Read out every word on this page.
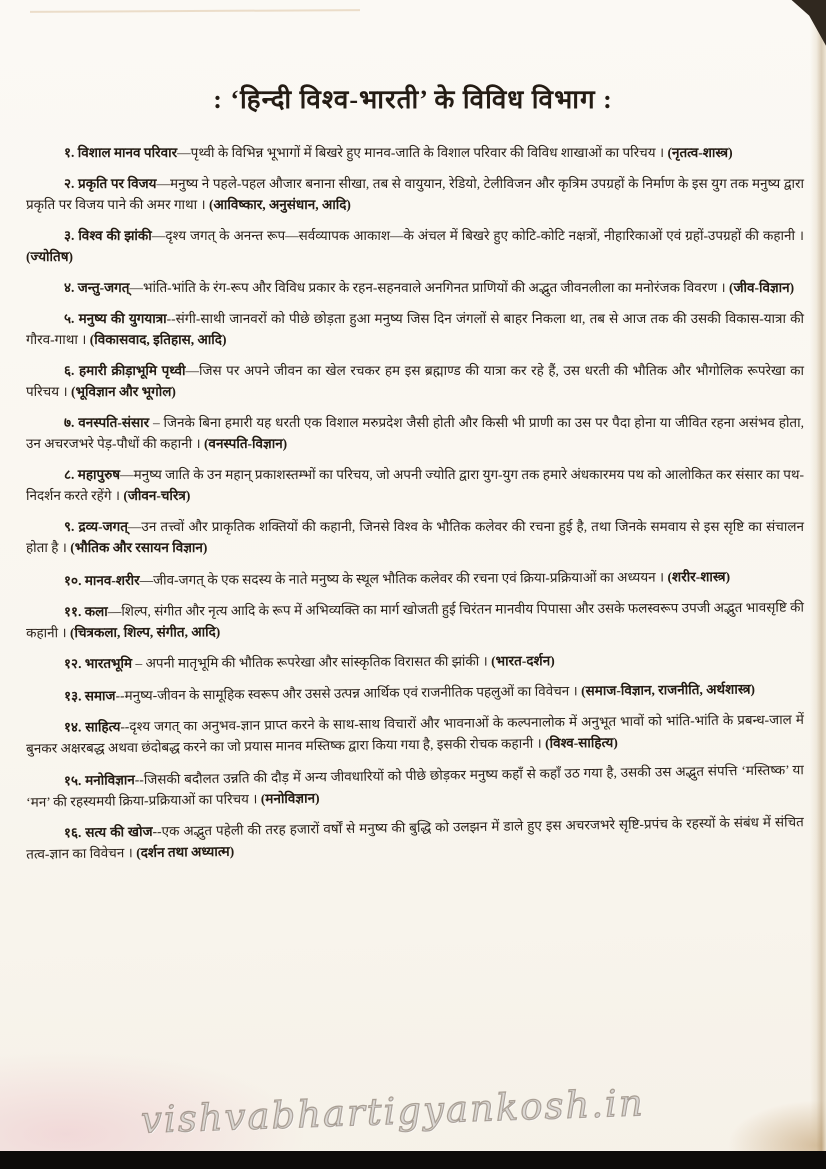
: ‘हिन्दी विश्व-भारती’ के विविध विभाग :

१. विशाल मानव परिवार—पृथ्वी के विभिन्न भूभागों में बिखरे हुए मानव-जाति के विशाल परिवार की विविध शाखाओं का परिचय । (नृतत्व-शास्त्र)

२. प्रकृति पर विजय—मनुष्य ने पहले-पहल औजार बनाना सीखा, तब से वायुयान, रेडियो, टेलीविजन और कृत्रिम उपग्रहों के निर्माण के इस युग तक मनुष्य द्वारा प्रकृति पर विजय पाने की अमर गाथा । (आविष्कार, अनुसंधान, आदि)

३. विश्व की झांकी—दृश्य जगत् के अनन्त रूप—सर्वव्यापक आकाश—के अंचल में बिखरे हुए कोटि-कोटि नक्षत्रों, नीहारिकाओं एवं ग्रहों-उपग्रहों की कहानी । (ज्योतिष)

४. जन्तु-जगत्—भांति-भांति के रंग-रूप और विविध प्रकार के रहन-सहनवाले अनगिनत प्राणियों की अद्भुत जीवनलीला का मनोरंजक विवरण । (जीव-विज्ञान)

५. मनुष्य की युगयात्रा--संगी-साथी जानवरों को पीछे छोड़ता हुआ मनुष्य जिस दिन जंगलों से बाहर निकला था, तब से आज तक की उसकी विकास-यात्रा की गौरव-गाथा । (विकासवाद, इतिहास, आदि)

६. हमारी क्रीड़ाभूमि पृथ्वी—जिस पर अपने जीवन का खेल रचकर हम इस ब्रह्माण्ड की यात्रा कर रहे हैं, उस धरती की भौतिक और भौगोलिक रूपरेखा का परिचय । (भूविज्ञान और भूगोल)

७. वनस्पति-संसार – जिनके बिना हमारी यह धरती एक विशाल मरुप्रदेश जैसी होती और किसी भी प्राणी का उस पर पैदा होना या जीवित रहना असंभव होता, उन अचरजभरे पेड़-पौधों की कहानी । (वनस्पति-विज्ञान)

८. महापुरुष—मनुष्य जाति के उन महान् प्रकाशस्तम्भों का परिचय, जो अपनी ज्योति द्वारा युग-युग तक हमारे अंधकारमय पथ को आलोकित कर संसार का पथ-निदर्शन करते रहेंगे । (जीवन-चरित्र)

९. द्रव्य-जगत्—उन तत्त्वों और प्राकृतिक शक्तियों की कहानी, जिनसे विश्व के भौतिक कलेवर की रचना हुई है, तथा जिनके समवाय से इस सृष्टि का संचालन होता है । (भौतिक और रसायन विज्ञान)

१०. मानव-शरीर—जीव-जगत् के एक सदस्य के नाते मनुष्य के स्थूल भौतिक कलेवर की रचना एवं क्रिया-प्रक्रियाओं का अध्ययन । (शरीर-शास्त्र)

११. कला—शिल्प, संगीत और नृत्य आदि के रूप में अभिव्यक्ति का मार्ग खोजती हुई चिरंतन मानवीय पिपासा और उसके फलस्वरूप उपजी अद्भुत भावसृष्टि की कहानी । (चित्रकला, शिल्प, संगीत, आदि)

१२. भारतभूमि – अपनी मातृभूमि की भौतिक रूपरेखा और सांस्कृतिक विरासत की झांकी । (भारत-दर्शन)

१३. समाज--मनुष्य-जीवन के सामूहिक स्वरूप और उससे उत्पन्न आर्थिक एवं राजनीतिक पहलुओं का विवेचन । (समाज-विज्ञान, राजनीति, अर्थशास्त्र)

१४. साहित्य--दृश्य जगत् का अनुभव-ज्ञान प्राप्त करने के साथ-साथ विचारों और भावनाओं के कल्पनालोक में अनुभूत भावों को भांति-भांति के प्रबन्ध-जाल में बुनकर अक्षरबद्ध अथवा छंदोबद्ध करने का जो प्रयास मानव मस्तिष्क द्वारा किया गया है, इसकी रोचक कहानी । (विश्व-साहित्य)

१५. मनोविज्ञान--जिसकी बदौलत उन्नति की दौड़ में अन्य जीवधारियों को पीछे छोड़कर मनुष्य कहाँ से कहाँ उठ गया है, उसकी उस अद्भुत संपत्ति ‘मस्तिष्क’ या ‘मन’ की रहस्यमयी क्रिया-प्रक्रियाओं का परिचय । (मनोविज्ञान)

१६. सत्य की खोज--एक अद्भुत पहेली की तरह हजारों वर्षों से मनुष्य की बुद्धि को उलझन में डाले हुए इस अचरजभरे सृष्टि-प्रपंच के रहस्यों के संबंध में संचित तत्व-ज्ञान का विवेचन । (दर्शन तथा अध्यात्म)

vishvabhartigyankosh.in
